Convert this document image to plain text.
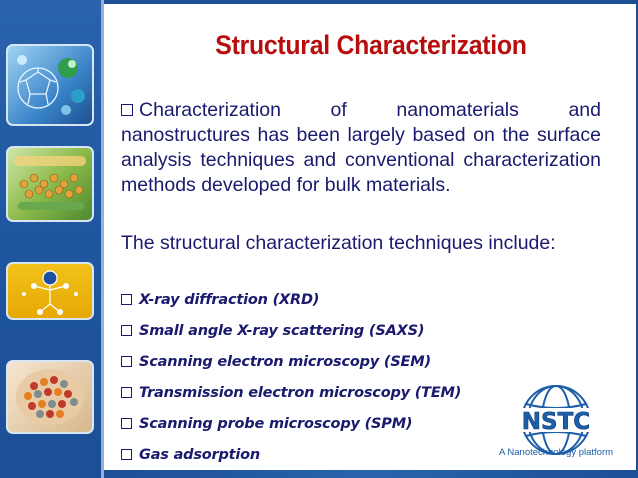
Structural Characterization
Characterization of nanomaterials and nanostructures has been largely based on the surface analysis techniques and conventional characterization methods developed for bulk materials.
The structural characterization techniques include:
X-ray diffraction (XRD)
Small angle X-ray scattering (SAXS)
Scanning electron microscopy (SEM)
Transmission electron microscopy (TEM)
Scanning probe microscopy (SPM)
Gas adsorption
NSTC
A Nanotechnology platform
